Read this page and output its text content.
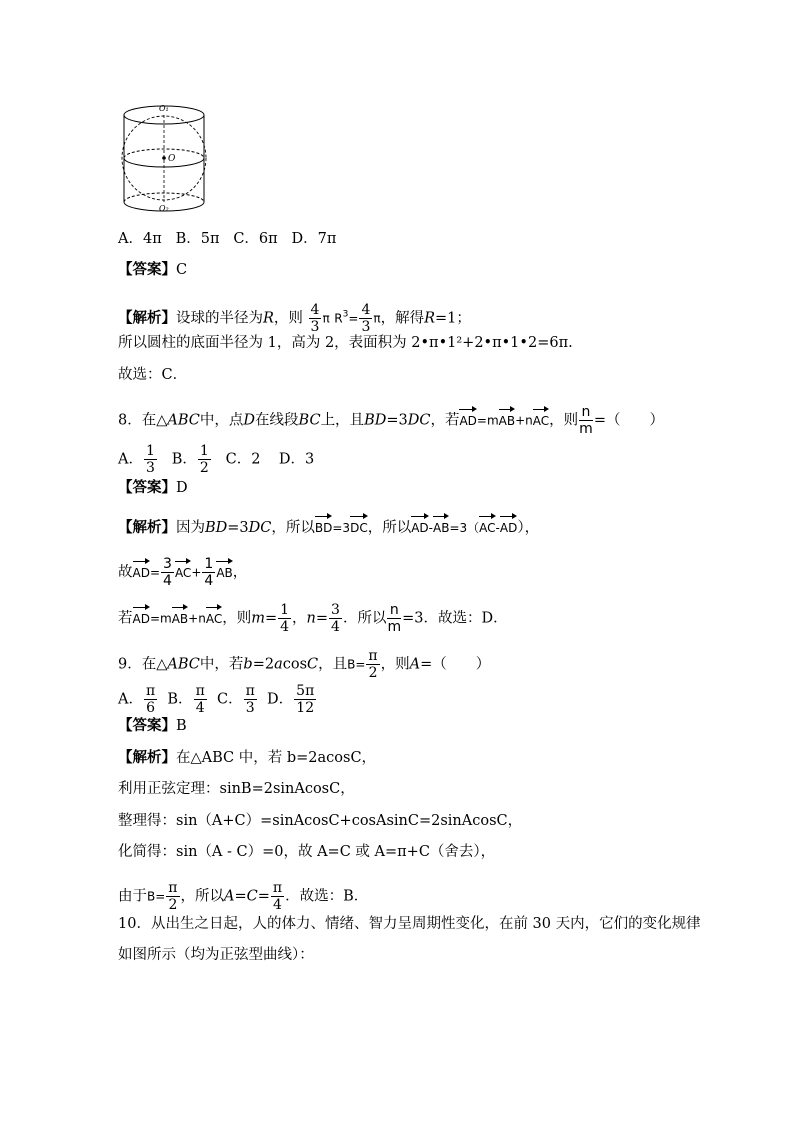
O₁
O
O₂
A．4π B．5π C．6π D．7π
【答案】C
【解析】设球的半径为R，则 $\frac{4}{3}$ π $R^3= \frac{4}{3}$ π，解得R=1；
所以圆柱的底面半径为 1，高为 2，表面积为 2•π•1²+2•π•1•2=6π.
故选：C．
8．在△ABC中，点D在线段BC上，且BD=3DC，若AD=mAB+nAC，则 $\frac{n}{m}$ =（　　）
A． $\frac{1}{3}$ B． $\frac{1}{2}$ C．2 D．3
【答案】D
【解析】因为BD=3DC，所以BD=3DC，所以AD-AB=3（AC-AD），
故$AD= \frac{3}{4} AC+ \frac{1}{4}$ AB，
若AD=mAB+nAC，则$m= \frac{1}{4}$ ，$n= \frac{3}{4}$ ．所以 $\frac{n}{m} =3$．故选：D．
9．在△ABC中，若b=2acosC，且$B= \frac{\pi}{2}$ ，则A=（　　）
A． $\frac{\pi}{6}$ B． $\frac{\pi}{4}$ C． $\frac{\pi}{3}$ D． $\frac{5\pi}{12}$
【答案】B
【解析】在△ABC 中，若 b=2acosC，
利用正弦定理：sinB=2sinAcosC，
整理得：sin（A+C）=sinAcosC+cosAsinC=2sinAcosC，
化简得：sin（A - C）=0，故 A=C 或 A=π+C（舍去），
由于$B= \frac{\pi}{2}$ ，所以$A=C= \frac{\pi}{4}$ ．故选：B．
10．从出生之日起，人的体力、情绪、智力呈周期性变化，在前 30 天内，它们的变化规律
如图所示（均为正弦型曲线）：
